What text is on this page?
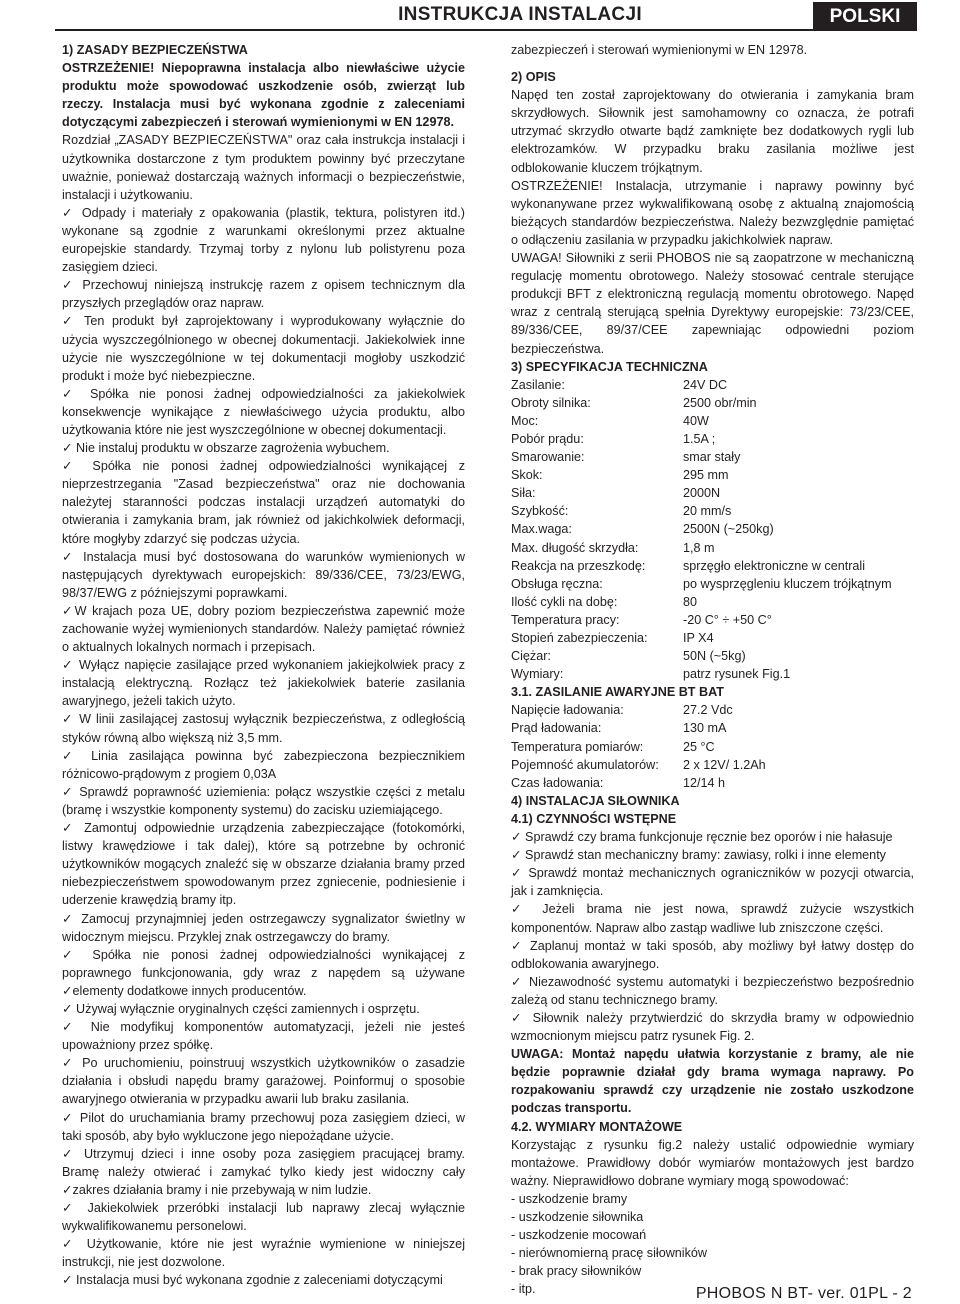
INSTRUKCJA INSTALACJI	POLSKI

1) ZASADY BEZPIECZEŃSTWA

OSTRZEŻENIE! Niepoprawna instalacja albo niewłaściwe użycie produktu może spowodować uszkodzenie osób, zwierząt lub rzeczy. Instalacja musi być wykonana zgodnie z zaleceniami dotyczącymi zabezpieczeń i sterowań wymienionymi w EN 12978.

Rozdział „ZASADY BEZPIECZEŃSTWA" oraz cała instrukcja instalacji i użytkownika dostarczone z tym produktem powinny być przeczytane uważnie, ponieważ dostarczają ważnych informacji o bezpieczeństwie, instalacji i użytkowaniu.

✓ Odpady i materiały z opakowania (plastik, tektura, polistyren itd.) wykonane są zgodnie z warunkami określonymi przez aktualne europejskie standardy. Trzymaj torby z nylonu lub polistyrenu poza zasięgiem dzieci.

✓ Przechowuj niniejszą instrukcję razem z opisem technicznym dla przyszłych przeglądów oraz napraw.

✓ Ten produkt był zaprojektowany i wyprodukowany wyłącznie do użycia wyszczególnionego w obecnej dokumentacji. Jakiekolwiek inne użycie nie wyszczególnione w tej dokumentacji mogłoby uszkodzić produkt i może być niebezpieczne.

✓ Spółka nie ponosi żadnej odpowiedzialności za jakiekolwiek konsekwencje wynikające z niewłaściwego użycia produktu, albo użytkowania które nie jest wyszczególnione w obecnej dokumentacji.

✓ Nie instaluj produktu w obszarze zagrożenia wybuchem.

✓ Spółka nie ponosi żadnej odpowiedzialności wynikającej z nieprzestrzegania "Zasad bezpieczeństwa" oraz nie dochowania należytej staranności podczas instalacji urządzeń automatyki do otwierania i zamykania bram, jak również od jakichkolwiek deformacji, które mogłyby zdarzyć się podczas użycia.

✓ Instalacja musi być dostosowana do warunków wymienionych w następujących dyrektywach europejskich: 89/336/CEE, 73/23/EWG, 98/37/EWG z późniejszymi poprawkami.

✓W krajach poza UE, dobry poziom bezpieczeństwa zapewnić może zachowanie wyżej wymienionych standardów. Należy pamiętać również o aktualnych lokalnych normach i przepisach.

✓ Wyłącz napięcie zasilające przed wykonaniem jakiejkolwiek pracy z instalacją elektryczną. Rozłącz też jakiekolwiek baterie zasilania awaryjnego, jeżeli takich użyto.

✓ W linii zasilającej zastosuj wyłącznik bezpieczeństwa, z odległością styków równą albo większą niż 3,5 mm.

✓ Linia zasilająca powinna być zabezpieczona bezpiecznikiem różnicowo-prądowym z progiem 0,03A

✓ Sprawdź poprawność uziemienia: połącz wszystkie części z metalu (bramę i wszystkie komponenty systemu) do zacisku uziemiającego.

✓ Zamontuj odpowiednie urządzenia zabezpieczające (fotokomórki, listwy krawędziowe i tak dalej), które są potrzebne by ochronić użytkowników mogących znaleźć się w obszarze działania bramy przed niebezpieczeństwem spowodowanym przez zgniecenie, podniesienie i uderzenie krawędzią bramy itp.

✓ Zamocuj przynajmniej jeden ostrzegawczy sygnalizator świetlny w widocznym miejscu. Przyklej znak ostrzegawczy do bramy.

✓ Spółka nie ponosi żadnej odpowiedzialności wynikającej z poprawnego funkcjonowania, gdy wraz z napędem są używane ✓elementy dodatkowe innych producentów.

✓ Używaj wyłącznie oryginalnych części zamiennych i osprzętu.

✓ Nie modyfikuj komponentów automatyzacji, jeżeli nie jesteś upoważniony przez spółkę.

✓ Po uruchomieniu, poinstruuj wszystkich użytkowników o zasadzie działania i obsłudi napędu bramy garażowej. Poinformuj o sposobie awaryjnego otwierania w przypadku awarii lub braku zasilania.

✓ Pilot do uruchamiania bramy przechowuj poza zasięgiem dzieci, w taki sposób, aby było wykluczone jego niepożądane użycie.

✓ Utrzymuj dzieci i inne osoby poza zasięgiem pracującej bramy. Bramę należy otwierać i zamykać tylko kiedy jest widoczny cały ✓zakres działania bramy i nie przebywają w nim ludzie.

✓ Jakiekolwiek przeróbki instalacji lub naprawy zlecaj wyłącznie wykwalifikowanemu personelowi.

✓ Użytkowanie, które nie jest wyraźnie wymienione w niniejszej instrukcji, nie jest dozwolone.

✓ Instalacja musi być wykonana zgodnie z zaleceniami dotyczącymi

zabezpieczeń i sterowań wymienionymi w EN 12978.

2) OPIS

Napęd ten został zaprojektowany do otwierania i zamykania bram skrzydłowych. Siłownik jest samohamowny co oznacza, że potrafi utrzymać skrzydło otwarte bądź zamknięte bez dodatkowych rygli lub elektrozamków. W przypadku braku zasilania możliwe jest odblokowanie kluczem trójkątnym.

OSTRZEŻENIE! Instalacja, utrzymanie i naprawy powinny być wykonanywane przez wykwalifikowaną osobę z aktualną znajomością bieżących standardów bezpieczeństwa. Należy bezwzględnie pamiętać o odłączeniu zasilania w przypadku jakichkolwiek napraw.

UWAGA! Siłowniki z serii PHOBOS nie są zaopatrzone w mechaniczną regulację momentu obrotowego. Należy stosować centrale sterujące produkcji BFT z elektroniczną regulacją momentu obrotowego. Napęd wraz z centralą sterującą spełnia Dyrektywy europejskie: 73/23/CEE, 89/336/CEE, 89/37/CEE zapewniając odpowiedni poziom bezpieczeństwa.

3) SPECYFIKACJA TECHNICZNA

Zasilanie:	24V DC
Obroty silnika:	2500 obr/min
Moc:	40W
Pobór prądu:	1.5A ;
Smarowanie:	smar stały
Skok:	295 mm
Siła:	2000N
Szybkość:	20 mm/s
Max.waga:	2500N (~250kg)
Max. długość skrzydła:	1,8 m
Reakcja na przeszkodę:	sprzęgło elektroniczne w centrali
Obsługa ręczna:	po wysprzęgleniu kluczem trójkątnym
Ilość cykli na dobę:	80
Temperatura pracy:	-20 C° ÷ +50 C°
Stopień zabezpieczenia:	IP X4
Ciężar:	50N (~5kg)
Wymiary:	patrz rysunek Fig.1

3.1. ZASILANIE AWARYJNE BT BAT

Napięcie ładowania:	27.2 Vdc
Prąd ładowania:	130 mA
Temperatura pomiarów:	25 °C
Pojemność akumulatorów:	2 x 12V/ 1.2Ah
Czas ładowania:	12/14 h

4) INSTALACJA SIŁOWNIKA

4.1) CZYNNOŚCI WSTĘPNE

✓ Sprawdź czy brama funkcjonuje ręcznie bez oporów i nie hałasuje

✓ Sprawdź stan mechaniczny bramy: zawiasy, rolki i inne elementy

✓ Sprawdź montaż mechanicznych ograniczników w pozycji otwarcia, jak i zamknięcia.

✓ Jeżeli brama nie jest nowa, sprawdź zużycie wszystkich komponentów. Napraw albo zastąp wadliwe lub zniszczone części.

✓ Zaplanuj montaż w taki sposób, aby możliwy był łatwy dostęp do odblokowania awaryjnego.

✓ Niezawodność systemu automatyki i bezpieczeństwo bezpośrednio zależą od stanu technicznego bramy.

✓ Siłownik należy przytwierdzić do skrzydła bramy w odpowiednio wzmocnionym miejscu patrz rysunek Fig. 2.

UWAGA: Montaż napędu ułatwia korzystanie z bramy, ale nie będzie poprawnie działał gdy brama wymaga naprawy. Po rozpakowaniu sprawdź czy urządzenie nie zostało uszkodzone podczas transportu.

4.2. WYMIARY MONTAŻOWE

Korzystając z rysunku fig.2 należy ustalić odpowiednie wymiary montażowe. Prawidłowy dobór wymiarów montażowych jest bardzo ważny. Nieprawidłowo dobrane wymiary mogą spowodować:

- uszkodzenie bramy

- uszkodzenie siłownika

- uszkodzenie mocowań

- nierównomierną pracę siłowników

- brak pracy siłowników

- itp.	PHOBOS N BT- ver. 01PL - 2
